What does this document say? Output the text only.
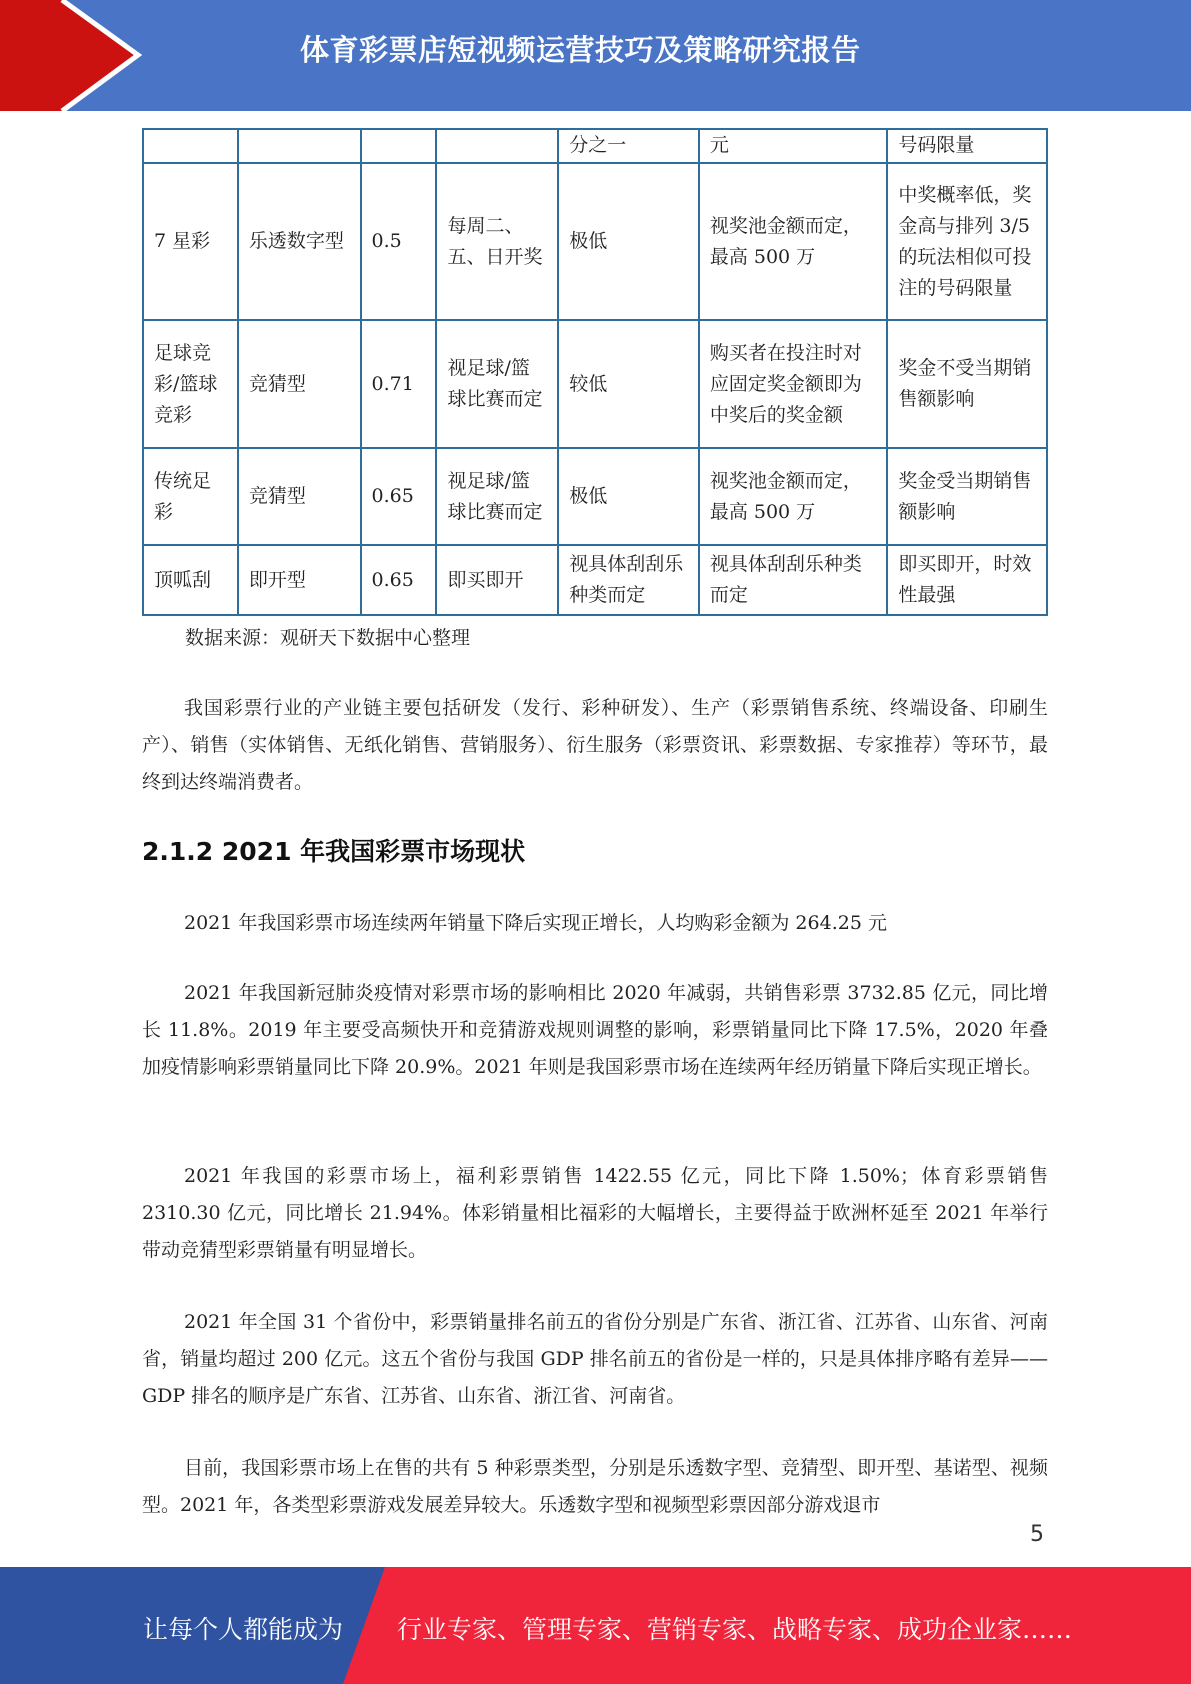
体育彩票店短视频运营技巧及策略研究报告
				分之一	元	号码限量
7 星彩	乐透数字型	0.5	每周二、五、日开奖	极低	视奖池金额而定，最高 500 万	中奖概率低，奖金高与排列 3/5 的玩法相似可投注的号码限量
足球竞彩/篮球竞彩	竞猜型	0.71	视足球/篮球比赛而定	较低	购买者在投注时对应固定奖金额即为中奖后的奖金额	奖金不受当期销售额影响
传统足彩	竞猜型	0.65	视足球/篮球比赛而定	极低	视奖池金额而定，最高 500 万	奖金受当期销售额影响
顶呱刮	即开型	0.65	即买即开	视具体刮刮乐种类而定	视具体刮刮乐种类而定	即买即开，时效性最强
数据来源：观研天下数据中心整理

我国彩票行业的产业链主要包括研发（发行、彩种研发）、生产（彩票销售系统、终端设备、印刷生产）、销售（实体销售、无纸化销售、营销服务）、衍生服务（彩票资讯、彩票数据、专家推荐）等环节，最终到达终端消费者。

2.1.2 2021 年我国彩票市场现状

2021 年我国彩票市场连续两年销量下降后实现正增长，人均购彩金额为 264.25 元

2021 年我国新冠肺炎疫情对彩票市场的影响相比 2020 年减弱，共销售彩票 3732.85 亿元，同比增长 11.8%。2019 年主要受高频快开和竞猜游戏规则调整的影响，彩票销量同比下降 17.5%，2020 年叠加疫情影响彩票销量同比下降 20.9%。2021 年则是我国彩票市场在连续两年经历销量下降后实现正增长。

2021 年我国的彩票市场上，福利彩票销售 1422.55 亿元，同比下降 1.50%；体育彩票销售 2310.30 亿元，同比增长 21.94%。体彩销量相比福彩的大幅增长，主要得益于欧洲杯延至 2021 年举行带动竞猜型彩票销量有明显增长。

2021 年全国 31 个省份中，彩票销量排名前五的省份分别是广东省、浙江省、江苏省、山东省、河南省，销量均超过 200 亿元。这五个省份与我国 GDP 排名前五的省份是一样的，只是具体排序略有差异——GDP 排名的顺序是广东省、江苏省、山东省、浙江省、河南省。

目前，我国彩票市场上在售的共有 5 种彩票类型，分别是乐透数字型、竞猜型、即开型、基诺型、视频型。2021 年，各类型彩票游戏发展差异较大。乐透数字型和视频型彩票因部分游戏退市

5
让每个人都能成为 行业专家、管理专家、营销专家、战略专家、成功企业家……
